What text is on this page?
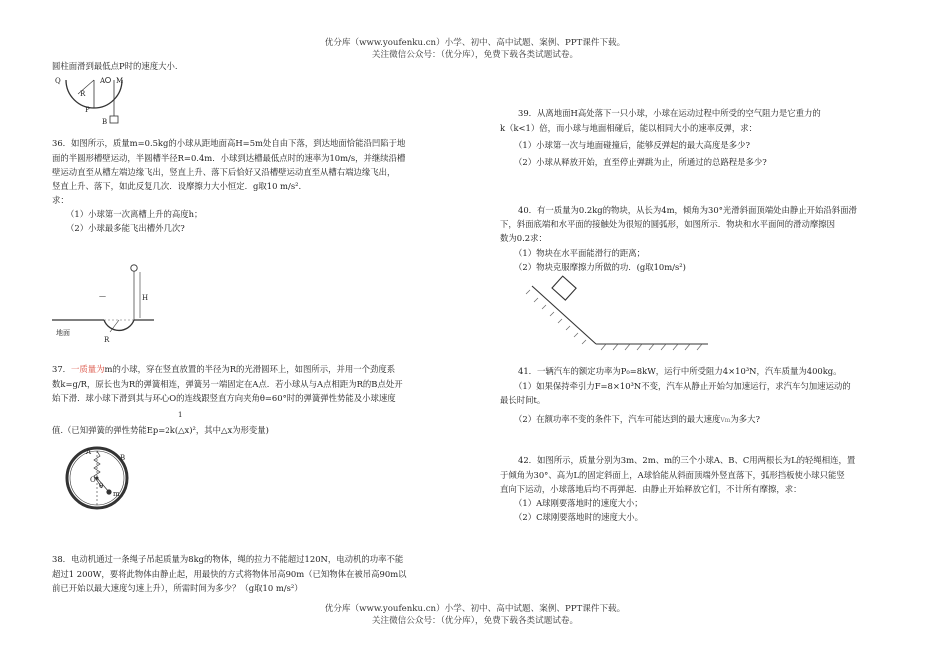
优分库（www.youfenku.cn）小学、初中、高中试题、案例、PPT课件下载。
关注微信公众号：（优分库），免费下载各类试题试卷。
圆柱面滑到最低点P时的速度大小.
Q	A M
R
P
B
36．如图所示，质量m=0.5kg的小球从距地面高H=5m处自由下落，到达地面恰能沿凹陷于地
面的半圆形槽壁运动，半圆槽半径R=0.4m．小球到达槽最低点时的速率为10m/s，并继续沿槽
壁运动直至从槽左端边缘飞出，竖直上升、落下后恰好又沿槽壁运动直至从槽右端边缘飞出，
竖直上升、落下，如此反复几次．设摩擦力大小恒定．g取10 m/s².
求：
（1）小球第一次离槽上升的高度h；
（2）小球最多能飞出槽外几次?
—	H
地面
R
37．一质量为m的小球，穿在竖直放置的半径为R的光滑圆环上，如图所示，并用一个劲度系
数k=g/R，原长也为R的弹簧相连，弹簧另一端固定在A点．若小球从与A点相距为R的B点处开
始下滑．球小球下滑到其与环心O的连线跟竖直方向夹角θ=60°时的弹簧弹性势能及小球速度
1
值.（已知弹簧的弹性势能Ep=2k(△x)²，其中△x为形变量)
A
B
O
θ
m
38．电动机通过一条绳子吊起质量为8kg的物体，绳的拉力不能超过120N，电动机的功率不能
超过1 200W，要将此物体由静止起，用最快的方式将物体吊高90m（已知物体在被吊高90m以
前已开始以最大速度匀速上升），所需时间为多少？（g取10 m/s²）
39．从离地面H高处落下一只小球，小球在运动过程中所受的空气阻力是它重力的
k（k<1）倍，而小球与地面相碰后，能以相同大小的速率反弹，求：
（1）小球第一次与地面碰撞后，能够反弹起的最大高度是多少?
（2）小球从释放开始，直至停止弹跳为止，所通过的总路程是多少?
40．有一质量为0.2kg的物块，从长为4m，倾角为30°光滑斜面顶端处由静止开始沿斜面滑
下，斜面底端和水平面的接触处为很短的圆弧形，如图所示．物块和水平面间的滑动摩擦因
数为0.2求：
（1）物块在水平面能滑行的距离；
（2）物块克服摩擦力所做的功．(g取10m/s²)
41．一辆汽车的额定功率为P₀=8kW，运行中所受阻力4×10³N，汽车质量为400kg。
（1）如果保持牵引力F=8×10³N不变，汽车从静止开始匀加速运行，求汽车匀加速运动的
最长时间t。
（2）在额功率不变的条件下，汽车可能达到的最大速度Vm为多大?
42．如图所示，质量分别为3m、2m、m的三个小球A、B、C用两根长为L的轻绳相连，置
于倾角为30°、高为L的固定斜面上，A球恰能从斜面顶端外竖直落下，弧形挡板使小球只能竖
直向下运动，小球落地后均不再弹起．由静止开始释放它们，不计所有摩擦，求：
（1）A球刚要落地时的速度大小；
（2）C球刚要落地时的速度大小。
优分库（www.youfenku.cn）小学、初中、高中试题、案例、PPT课件下载。
关注微信公众号：（优分库），免费下载各类试题试卷。
